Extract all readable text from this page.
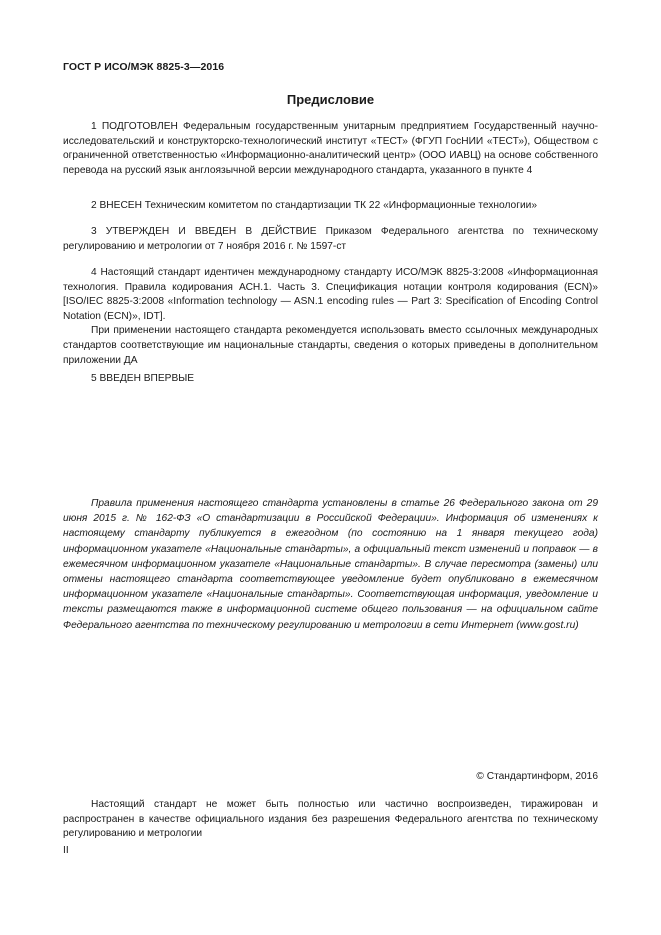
ГОСТ Р ИСО/МЭК 8825-3—2016
Предисловие

1 ПОДГОТОВЛЕН Федеральным государственным унитарным предприятием Государственный научно-исследовательский и конструкторско-технологический институт «ТЕСТ» (ФГУП ГосНИИ «ТЕСТ»), Обществом с ограниченной ответственностью «Информационно-аналитический центр» (ООО ИАВЦ) на основе собственного перевода на русский язык англоязычной версии международного стандарта, указанного в пункте 4

2 ВНЕСЕН Техническим комитетом по стандартизации ТК 22 «Информационные технологии»

3 УТВЕРЖДЕН И ВВЕДЕН В ДЕЙСТВИЕ Приказом Федерального агентства по техническому регулированию и метрологии от 7 ноября 2016 г. № 1597-ст

4 Настоящий стандарт идентичен международному стандарту ИСО/МЭК 8825-3:2008 «Информационная технология. Правила кодирования АСН.1. Часть 3. Спецификация нотации контроля кодирования (ECN)» [ISO/IEC 8825-3:2008 «Information technology — ASN.1 encoding rules — Part 3: Specification of Encoding Control Notation (ECN)», IDT].

При применении настоящего стандарта рекомендуется использовать вместо ссылочных международных стандартов соответствующие им национальные стандарты, сведения о которых приведены в дополнительном приложении ДА

5 ВВЕДЕН ВПЕРВЫЕ

Правила применения настоящего стандарта установлены в статье 26 Федерального закона от 29 июня 2015 г. № 162-ФЗ «О стандартизации в Российской Федерации». Информация об изменениях к настоящему стандарту публикуется в ежегодном (по состоянию на 1 января текущего года) информационном указателе «Национальные стандарты», а официальный текст изменений и поправок — в ежемесячном информационном указателе «Национальные стандарты». В случае пересмотра (замены) или отмены настоящего стандарта соответствующее уведомление будет опубликовано в ежемесячном информационном указателе «Национальные стандарты». Соответствующая информация, уведомление и тексты размещаются также в информационной системе общего пользования — на официальном сайте Федерального агентства по техническому регулированию и метрологии в сети Интернет (www.gost.ru)
© Стандартинформ, 2016
Настоящий стандарт не может быть полностью или частично воспроизведен, тиражирован и распространен в качестве официального издания без разрешения Федерального агентства по техническому регулированию и метрологии
II
